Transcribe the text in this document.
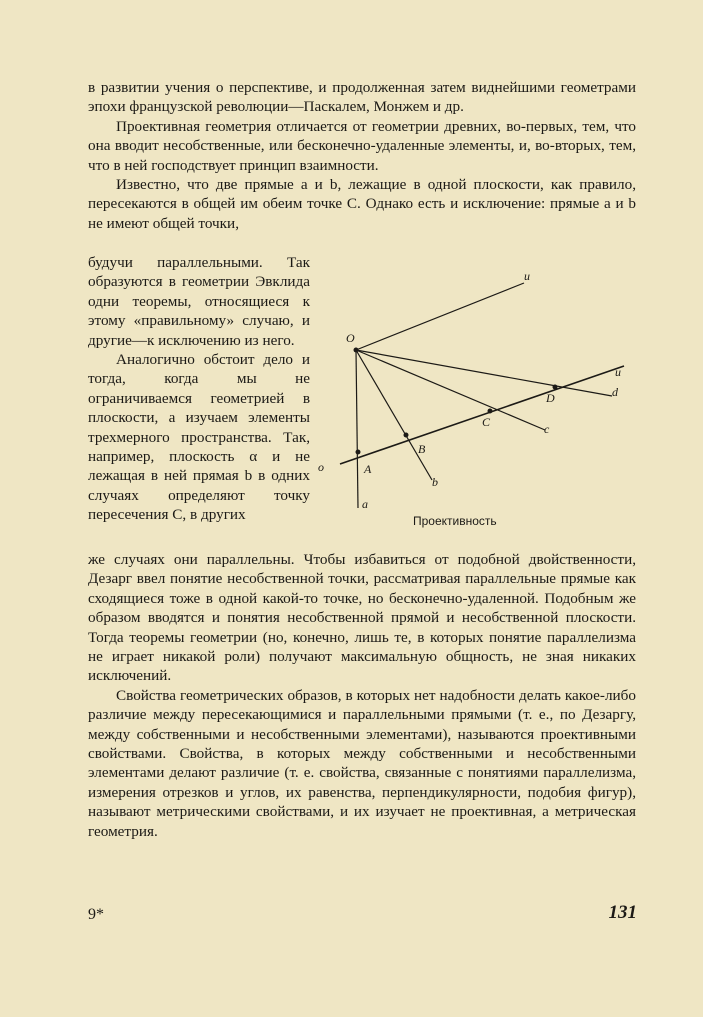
в развитии учения о перспективе, и продолженная затем виднейшими геометрами эпохи французской революции—Паскалем, Монжем и др.

Проективная геометрия отличается от геометрии древних, во-первых, тем, что она вводит несобственные, или бесконечно-удаленные элементы, и, во-вторых, тем, что в ней господствует принцип взаимности.

Известно, что две прямые a и b, лежащие в одной плоскости, как правило, пересекаются в общей им обеим точке C. Однако есть и исключение: прямые a и b не имеют общей точки,

будучи параллельными. Так образуются в геометрии Эвклида одни теоремы, относящиеся к этому «правильному» случаю, и другие—к исключению из него.

Аналогично обстоит дело и тогда, когда мы не ограничиваемся геометрией в плоскости, а изучаем элементы трехмерного пространства. Так, например, плоскость α и не лежащая в ней прямая b в одних случаях определяют точку пересечения C, в других

u
O
u
d
D
C	c
B
b
A
o
a
Проективность

же случаях они параллельны. Чтобы избавиться от подобной двойственности, Дезарг ввел понятие несобственной точки, рассматривая параллельные прямые как сходящиеся тоже в одной какой-то точке, но бесконечно-удаленной. Подобным же образом вводятся и понятия несобственной прямой и несобственной плоскости. Тогда теоремы геометрии (но, конечно, лишь те, в которых понятие параллелизма не играет никакой роли) получают максимальную общность, не зная никаких исключений.

Свойства геометрических образов, в которых нет надобности делать какое-либо различие между пересекающимися и параллельными прямыми (т. е., по Дезаргу, между собственными и несобственными элементами), называются проективными свойствами. Свойства, в которых между собственными и несобственными элементами делают различие (т. е. свойства, связанные с понятиями параллелизма, измерения отрезков и углов, их равенства, перпендикулярности, подобия фигур), называют метрическими свойствами, и их изучает не проективная, а метрическая геометрия.

9*	131
